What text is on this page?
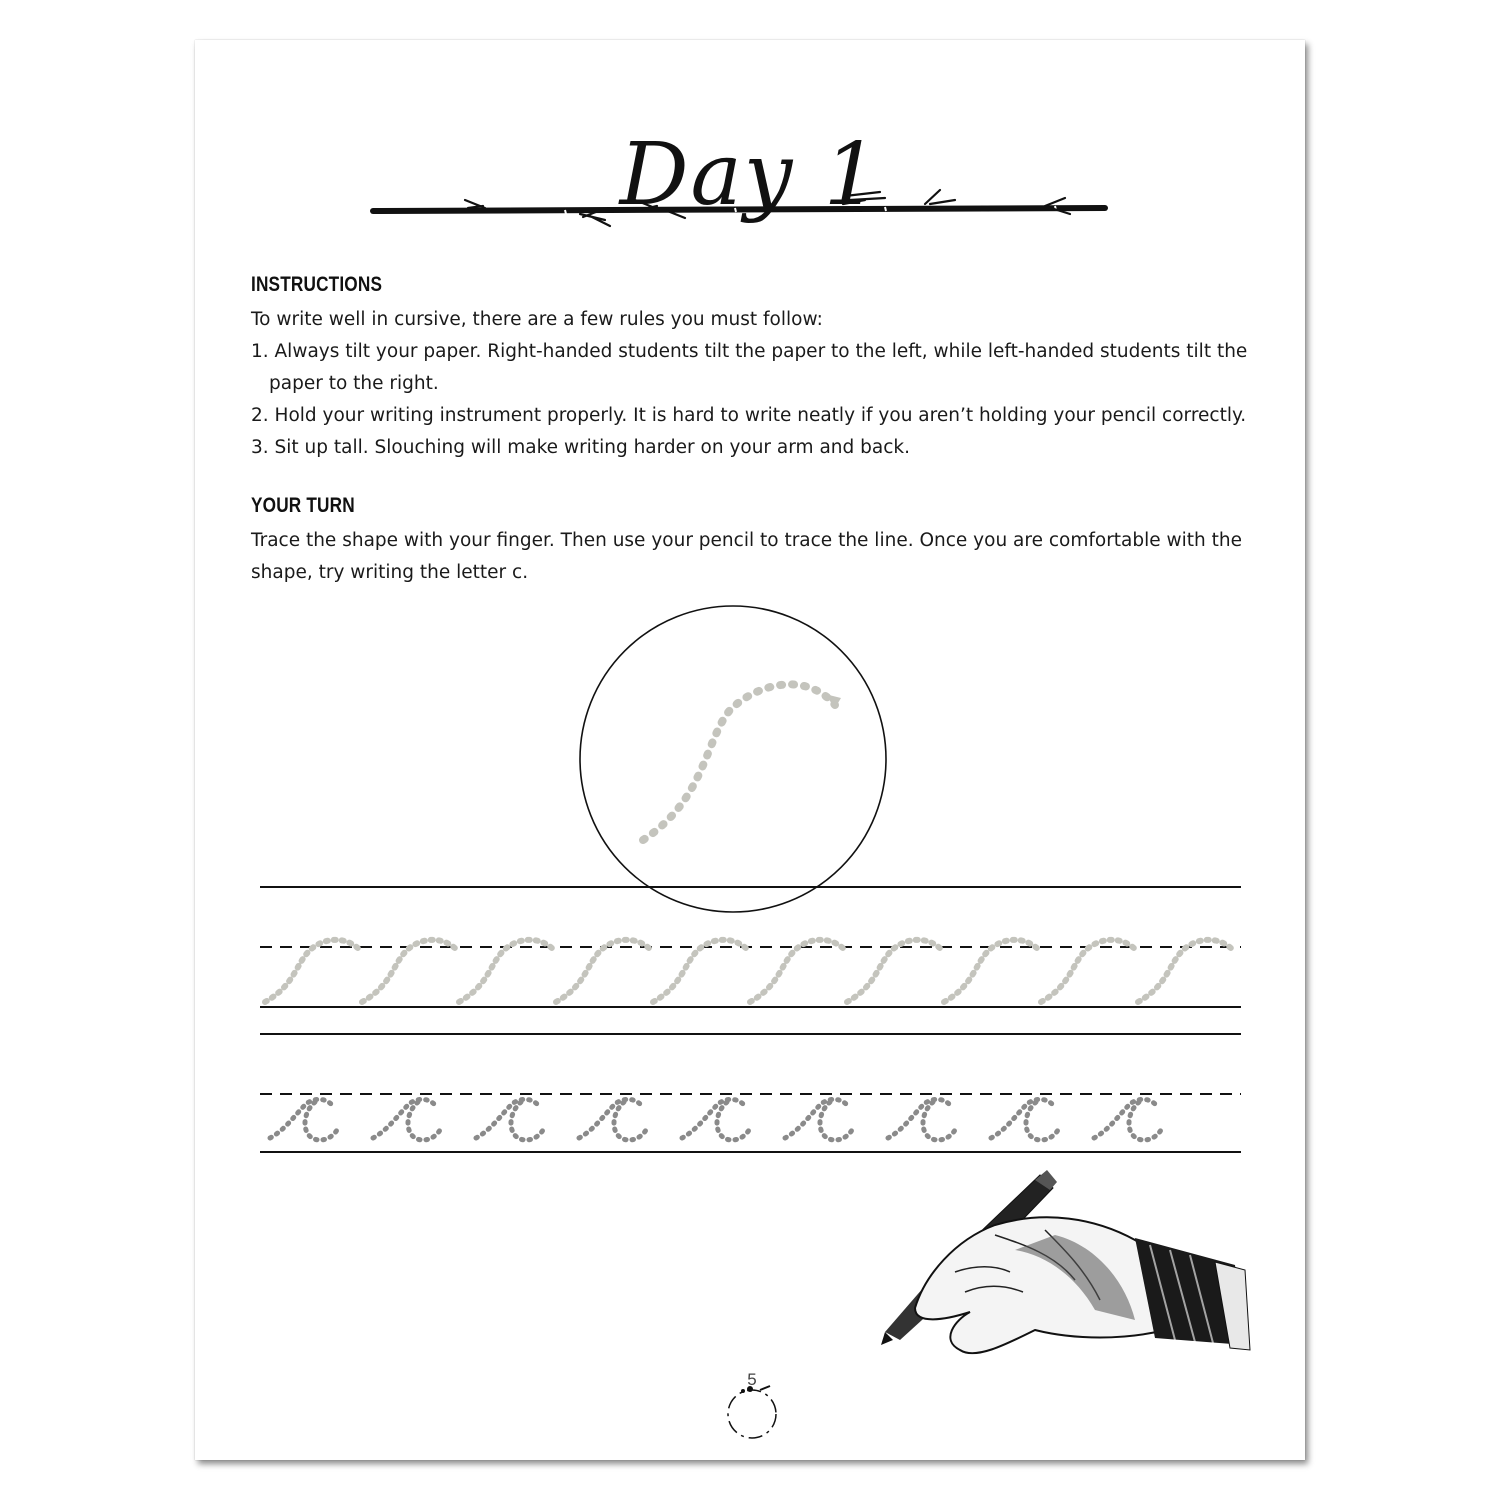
Day 1
INSTRUCTIONS
To write well in cursive, there are a few rules you must follow:
1. Always tilt your paper. Right-handed students tilt the paper to the left, while left-handed students tilt the paper to the right.
2. Hold your writing instrument properly. It is hard to write neatly if you aren’t holding your pencil correctly.
3. Sit up tall. Slouching will make writing harder on your arm and back.
YOUR TURN
Trace the shape with your finger. Then use your pencil to trace the line. Once you are comfortable with the shape, try writing the letter c.
5
